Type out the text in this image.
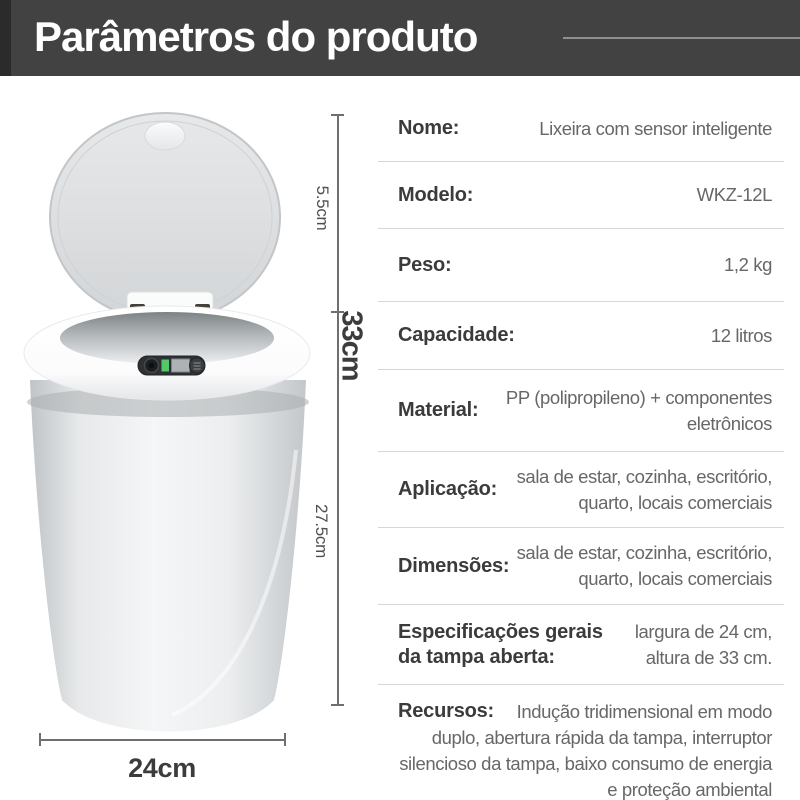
Parâmetros do produto
5.5cm
33cm
27.5cm
24cm
Nome:	Lixeira com sensor inteligente
Modelo:	WKZ-12L
Peso:	1,2 kg
Capacidade:	12 litros
Material:
PP (polipropileno) + componentes eletrônicos
Aplicação:
sala de estar, cozinha, escritório, quarto, locais comerciais
Dimensões:
sala de estar, cozinha, escritório, quarto, locais comerciais
Especificações gerais da tampa aberta:
largura de 24 cm, altura de 33 cm.
Recursos:	Indução tridimensional em modo duplo, abertura rápida da tampa, interruptor silencioso da tampa, baixo consumo de energia e proteção ambiental
